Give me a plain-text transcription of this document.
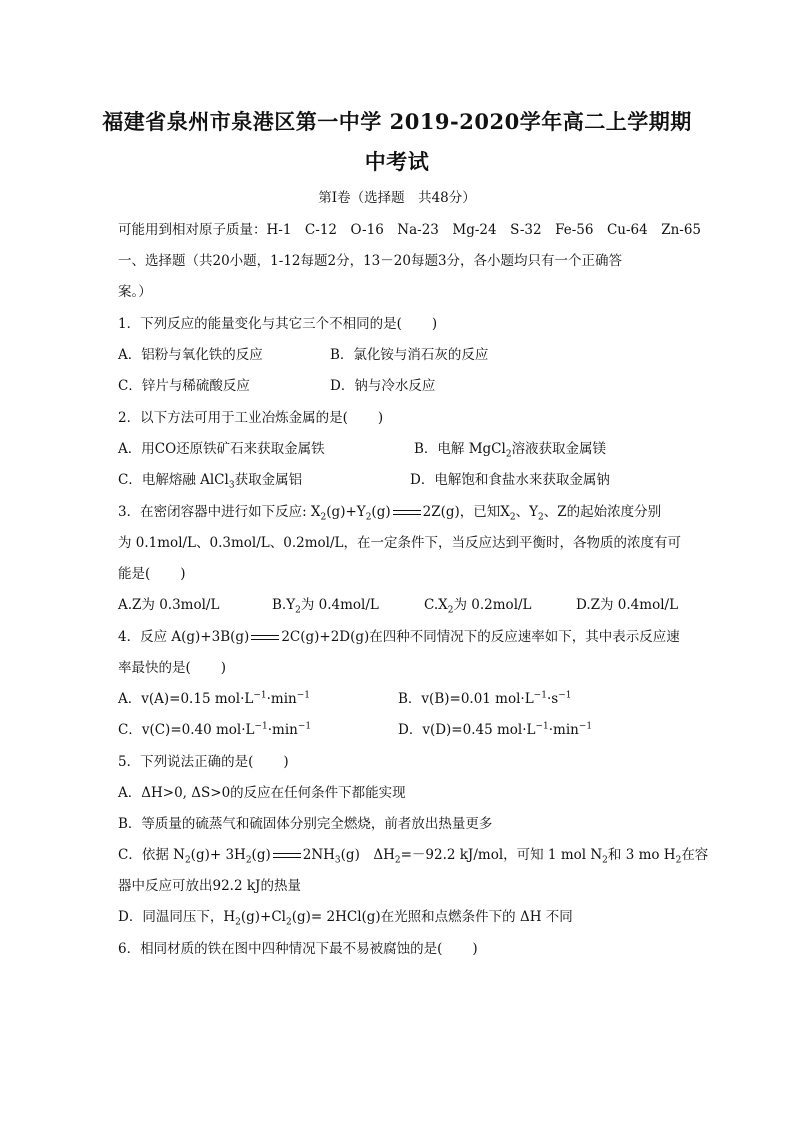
福建省泉州市泉港区第一中学 2019-2020学年高二上学期期
中考试
第Ⅰ卷（选择题　共48分）
可能用到相对原子质量：H-1　C-12　O-16　Na-23　Mg-24　S-32　Fe-56　Cu-64　Zn-65
一、选择题（共20小题，1-12每题2分，13－20每题3分，各小题均只有一个正确答
案。）
1．下列反应的能量变化与其它三个不相同的是( )
A．铝粉与氧化铁的反应	B．氯化铵与消石灰的反应
C．锌片与稀硫酸反应	D．钠与冷水反应
2．以下方法可用于工业冶炼金属的是( )
A．用CO还原铁矿石来获取金属铁	B．电解 MgCl$_2$溶液获取金属镁
C．电解熔融 AlCl$_3$获取金属铝	D．电解饱和食盐水来获取金属钠
3．在密闭容器中进行如下反应: $X_2(g)+Y_2(g)$ 2Z(g)，已知$X_2$、$Y_2$、Z的起始浓度分别
为 0.1mol/L、0.3mol/L、0.2mol/L，在一定条件下，当反应达到平衡时，各物质的浓度有可
能是( )
A.Z为 0.3mol/L	$B.Y_2$为 0.4mol/L	$C.X_2$为 0.2mol/L	D.Z为 0.4mol/L
4．反应 A(g)+3B(g) 2C(g)+2D(g)在四种不同情况下的反应速率如下，其中表示反应速
率最快的是( )
A．v(A)=0.15 $mol\cdot L^{-1}\cdot\min^{-1}$	B．v(B)=0.01 $mol\cdot L^{-1}\cdot s^{-1}$
C．v(C)=0.40 $mol\cdot L^{-1}\cdot\min^{-1}$	D．v(D)=0.45 $mol\cdot L^{-1}\cdot\min^{-1}$
5．下列说法正确的是( )
A．ΔH>0, ΔS>0的反应在任何条件下都能实现
B．等质量的硫蒸气和硫固体分别完全燃烧，前者放出热量更多
C．依据 $N_2(g)+ 3H_2(g)$ $2NH_3(g)$　$\Delta H_2=-92.2$ kJ/mol，可知 1 mol $N_2$和 3 mo $H_2$在容
器中反应可放出92.2 kJ的热量
D．同温同压下，$H_2(g)+Cl_2(g)= 2HCl(g)$在光照和点燃条件下的 ΔH 不同
6．相同材质的铁在图中四种情况下最不易被腐蚀的是( )
